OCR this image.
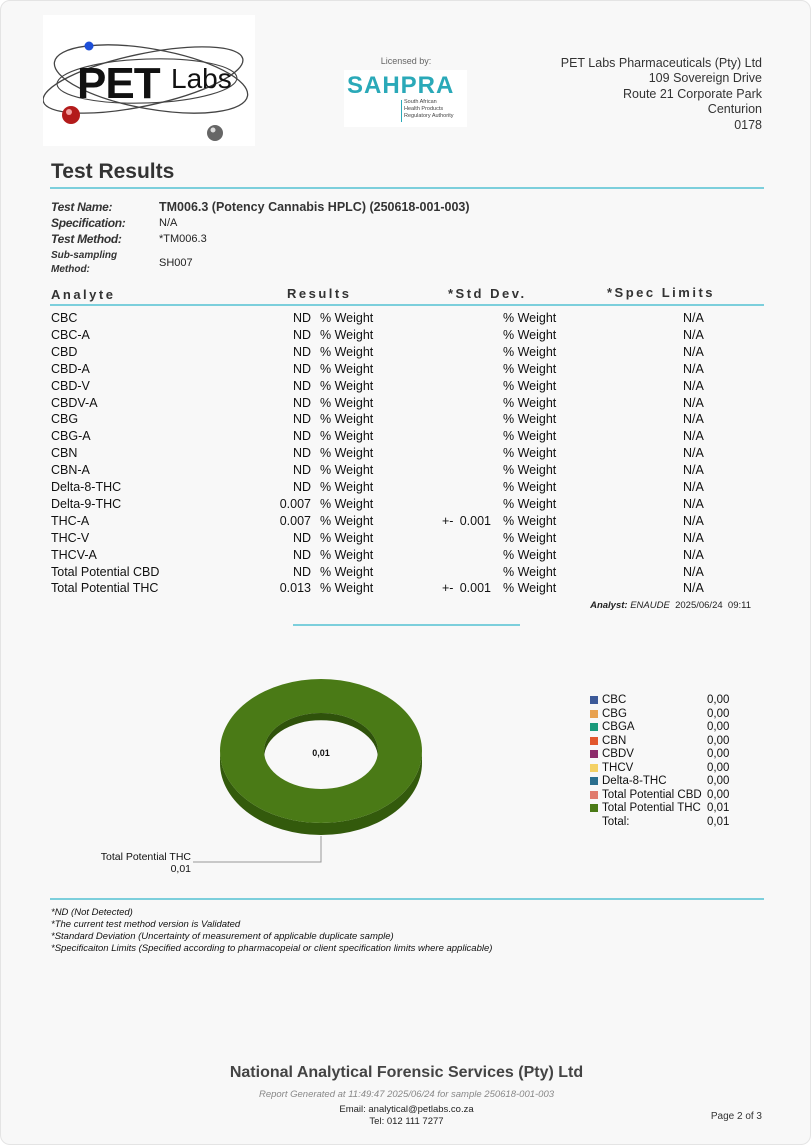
PET Labs
Licensed by:
SAHPRA
South African
Health Products
Regulatory Authority
PET Labs Pharmaceuticals (Pty) Ltd
109 Sovereign Drive
Route 21 Corporate Park
Centurion
0178
Test Results
Test Name:	TM006.3 (Potency Cannabis HPLC) (250618-001-003)
Specification:	N/A
Test Method:	*TM006.3
Sub-sampling
Method:
SH007
Analyte	Results	*Std Dev.	*Spec Limits
CBC	ND % Weight	% Weight	N/A
CBC-A	ND % Weight	% Weight	N/A
CBD	ND % Weight	% Weight	N/A
CBD-A	ND % Weight	% Weight	N/A
CBD-V	ND % Weight	% Weight	N/A
CBDV-A	ND % Weight	% Weight	N/A
CBG	ND % Weight	% Weight	N/A
CBG-A	ND % Weight	% Weight	N/A
CBN	ND % Weight	% Weight	N/A
CBN-A	ND % Weight	% Weight	N/A
Delta-8-THC	ND % Weight	% Weight	N/A
Delta-9-THC	0.007 % Weight	% Weight	N/A
THC-A	0.007 % Weight	+- 0.001 % Weight	N/A
THC-V	ND % Weight	% Weight	N/A
THCV-A	ND % Weight	% Weight	N/A
Total Potential CBD	ND % Weight	% Weight	N/A
Total Potential THC	0.013 % Weight	+- 0.001 % Weight	N/A
Analyst: ENAUDE 2025/06/24 09:11
0,01
Total Potential THC
0,01
CBC	0,00
CBG	0,00
CBGA	0,00
CBN	0,00
CBDV	0,00
THCV	0,00
Delta-8-THC	0,00
Total Potential CBD 0,00
Total Potential THC 0,01
Total:	0,01
*ND (Not Detected)
*The current test method version is Validated
*Standard Deviation (Uncertainty of measurement of applicable duplicate sample)
*Specificaiton Limits (Specified according to pharmacopeial or client specification limits where applicable)
National Analytical Forensic Services (Pty) Ltd
Report Generated at 11:49:47 2025/06/24 for sample 250618-001-003
Email: analytical@petlabs.co.za
Tel: 012 111 7277	Page 2 of 3
